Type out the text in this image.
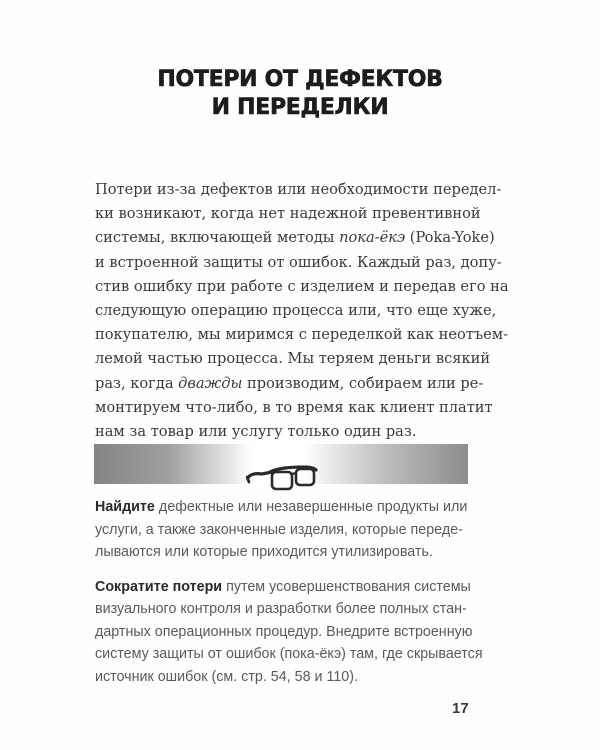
ПОТЕРИ ОТ ДЕФЕКТОВ
И ПЕРЕДЕЛКИ
Потери из-за дефектов или необходимости передел-
ки возникают, когда нет надежной превентивной
системы, включающей методы пока-ёкэ (Poka-Yoke)
и встроенной защиты от ошибок. Каждый раз, допу-
стив ошибку при работе с изделием и передав его на
следующую операцию процесса или, что еще хуже,
покупателю, мы миримся с переделкой как неотъем-
лемой частью процесса. Мы теряем деньги всякий
раз, когда дважды производим, собираем или ре-
монтируем что-либо, в то время как клиент платит
нам за товар или услугу только один раз.

Найдите дефектные или незавершенные продукты или
услуги, а также законченные изделия, которые переде-
лываются или которые приходится утилизировать.

Сократите потери путем усовершенствования системы
визуального контроля и разработки более полных стан-
дартных операционных процедур. Внедрите встроенную
систему защиты от ошибок (пока-ёкэ) там, где скрывается
источник ошибок (см. стр. 54, 58 и 110).

17
